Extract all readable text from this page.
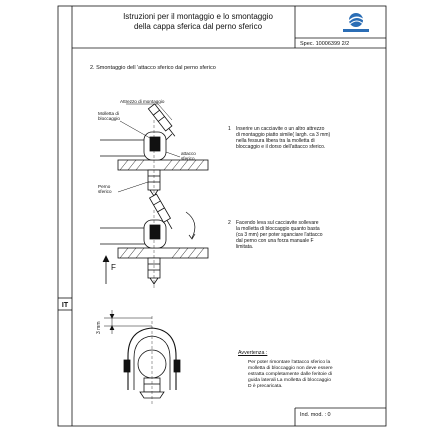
Istruzioni per il montaggio e lo smontaggio
della cappa sferica dal perno sferico
Spec. 10006399 2/2
2. Smontaggio dell 'attacco sferico dal perno sferico
IT
Attrezzo di montaggio
Molletta di
bloccaggio
attacco
sferico
Perno
sferico
1 Inserire un cacciavite o un altro attrezzo
di montaggio piatto simile( largh. ca 3 mm)
nella fessura libera tra la molletta di
bloccaggio e il dorso dell'attacco sferico.
2 Facendo leva sul cacciavite sollevare
la molletta di bloccaggio quanto basta
(ca 3 mm) per poter sganciare l'attacco
dal perno con una forza manuale F
limitata.
F
3 mm
Avvertenza :
Per poter rimontare l'attacco sferico la
molletta di bloccaggio non deve essere
estratta completamente dalle feritoie di
guida laterali La molletta di bloccaggio
D è precaricata.
Ind. mod. : 0
